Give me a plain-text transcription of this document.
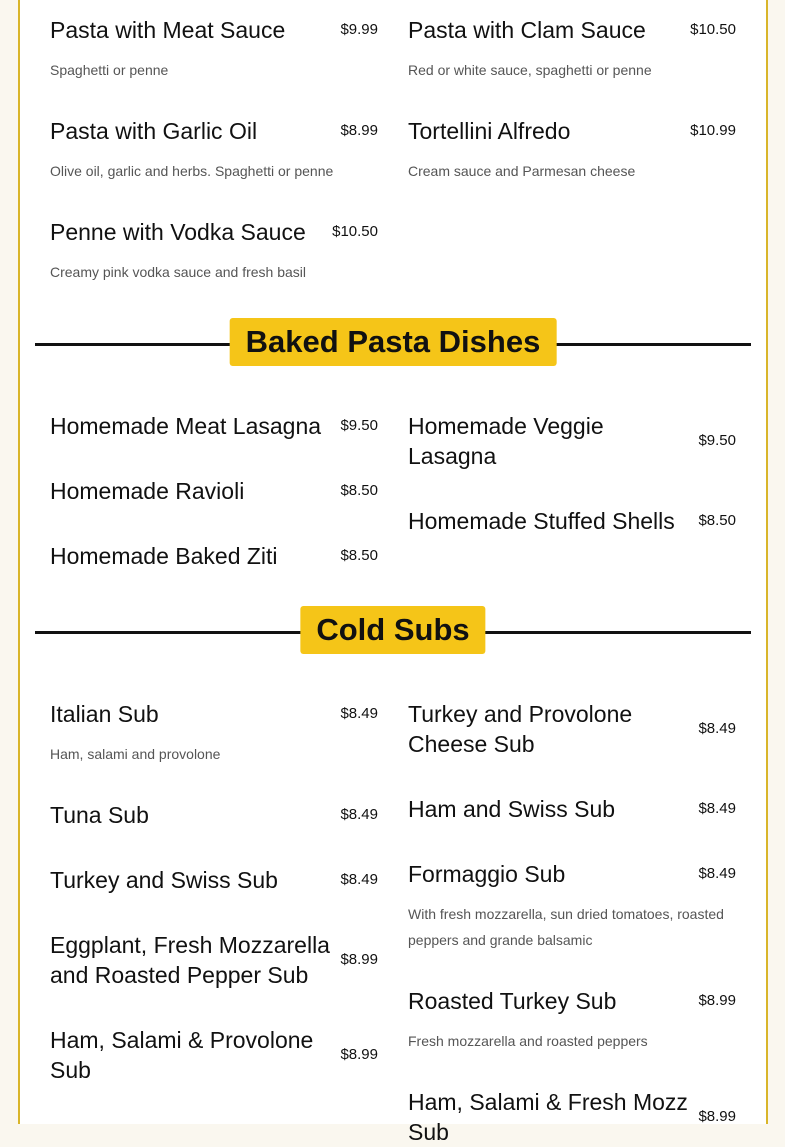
Pasta with Meat Sauce	$9.99
Spaghetti or penne
Pasta with Garlic Oil	$8.99
Olive oil, garlic and herbs. Spaghetti or penne
Penne with Vodka Sauce	$10.50
Creamy pink vodka sauce and fresh basil
Pasta with Clam Sauce	$10.50
Red or white sauce, spaghetti or penne
Tortellini Alfredo	$10.99
Cream sauce and Parmesan cheese
Baked Pasta Dishes
Homemade Meat Lasagna	$9.50
Homemade Ravioli	$8.50
Homemade Baked Ziti	$8.50
Homemade Veggie Lasagna
$9.50
Homemade Stuffed Shells	$8.50
Cold Subs
Italian Sub	$8.49
Ham, salami and provolone
Tuna Sub	$8.49
Turkey and Swiss Sub	$8.49
Eggplant, Fresh Mozzarella and Roasted Pepper Sub
$8.99
Ham, Salami & Provolone Sub
$8.99
Turkey and Provolone Cheese Sub
$8.49
Ham and Swiss Sub	$8.49
Formaggio Sub	$8.49
With fresh mozzarella, sun dried tomatoes, roasted peppers and grande balsamic
Roasted Turkey Sub	$8.99
Fresh mozzarella and roasted peppers
Ham, Salami & Fresh Mozz Sub
$8.99
